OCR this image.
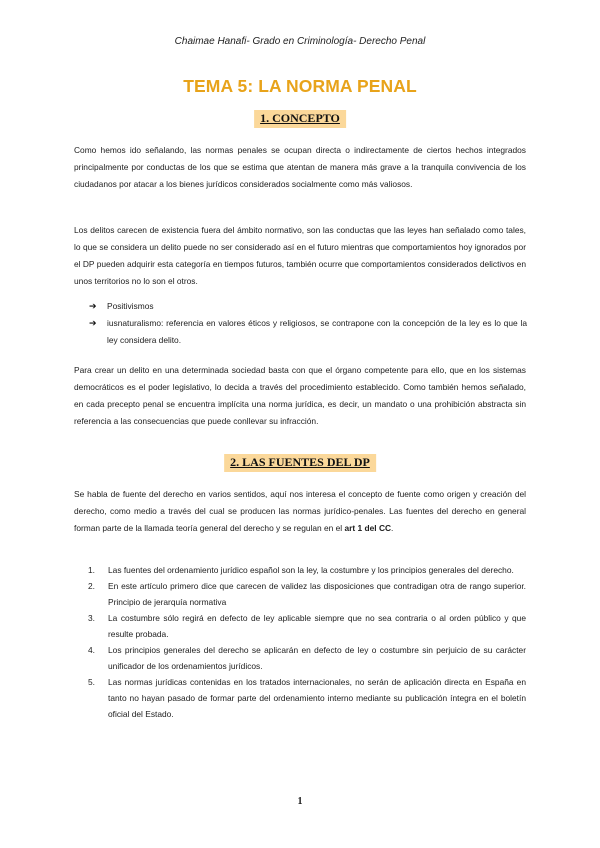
Chaimae Hanafi- Grado en Criminología- Derecho Penal
TEMA 5: LA NORMA PENAL
1. CONCEPTO
Como hemos ido señalando, las normas penales se ocupan directa o indirectamente de ciertos hechos integrados principalmente por conductas de los que se estima que atentan de manera más grave a la tranquila convivencia de los ciudadanos por atacar a los bienes jurídicos considerados socialmente como más valiosos.
Los delitos carecen de existencia fuera del ámbito normativo, son las conductas que las leyes han señalado como tales, lo que se considera un delito puede no ser considerado así en el futuro mientras que comportamientos hoy ignorados por el DP pueden adquirir esta categoría en tiempos futuros, también ocurre que comportamientos considerados delictivos en unos territorios no lo son el otros.
➔ Positivismos
➔ iusnaturalismo: referencia en valores éticos y religiosos, se contrapone con la concepción de la ley es lo que la ley considera delito.
Para crear un delito en una determinada sociedad basta con que el órgano competente para ello, que en los sistemas democráticos es el poder legislativo, lo decida a través del procedimiento establecido. Como también hemos señalado, en cada precepto penal se encuentra implícita una norma jurídica, es decir, un mandato o una prohibición abstracta sin referencia a las consecuencias que puede conllevar su infracción.
2. LAS FUENTES DEL DP
Se habla de fuente del derecho en varios sentidos, aquí nos interesa el concepto de fuente como origen y creación del derecho, como medio a través del cual se producen las normas jurídico-penales. Las fuentes del derecho en general forman parte de la llamada teoría general del derecho y se regulan en el art 1 del CC.
1. Las fuentes del ordenamiento jurídico español son la ley, la costumbre y los principios generales del derecho.
2. En este artículo primero dice que carecen de validez las disposiciones que contradigan otra de rango superior. Principio de jerarquía normativa
3. La costumbre sólo regirá en defecto de ley aplicable siempre que no sea contraria o al orden público y que resulte probada.
4. Los principios generales del derecho se aplicarán en defecto de ley o costumbre sin perjuicio de su carácter unificador de los ordenamientos jurídicos.
5. Las normas jurídicas contenidas en los tratados internacionales, no serán de aplicación directa en España en tanto no hayan pasado de formar parte del ordenamiento interno mediante su publicación íntegra en el boletín oficial del Estado.
1
